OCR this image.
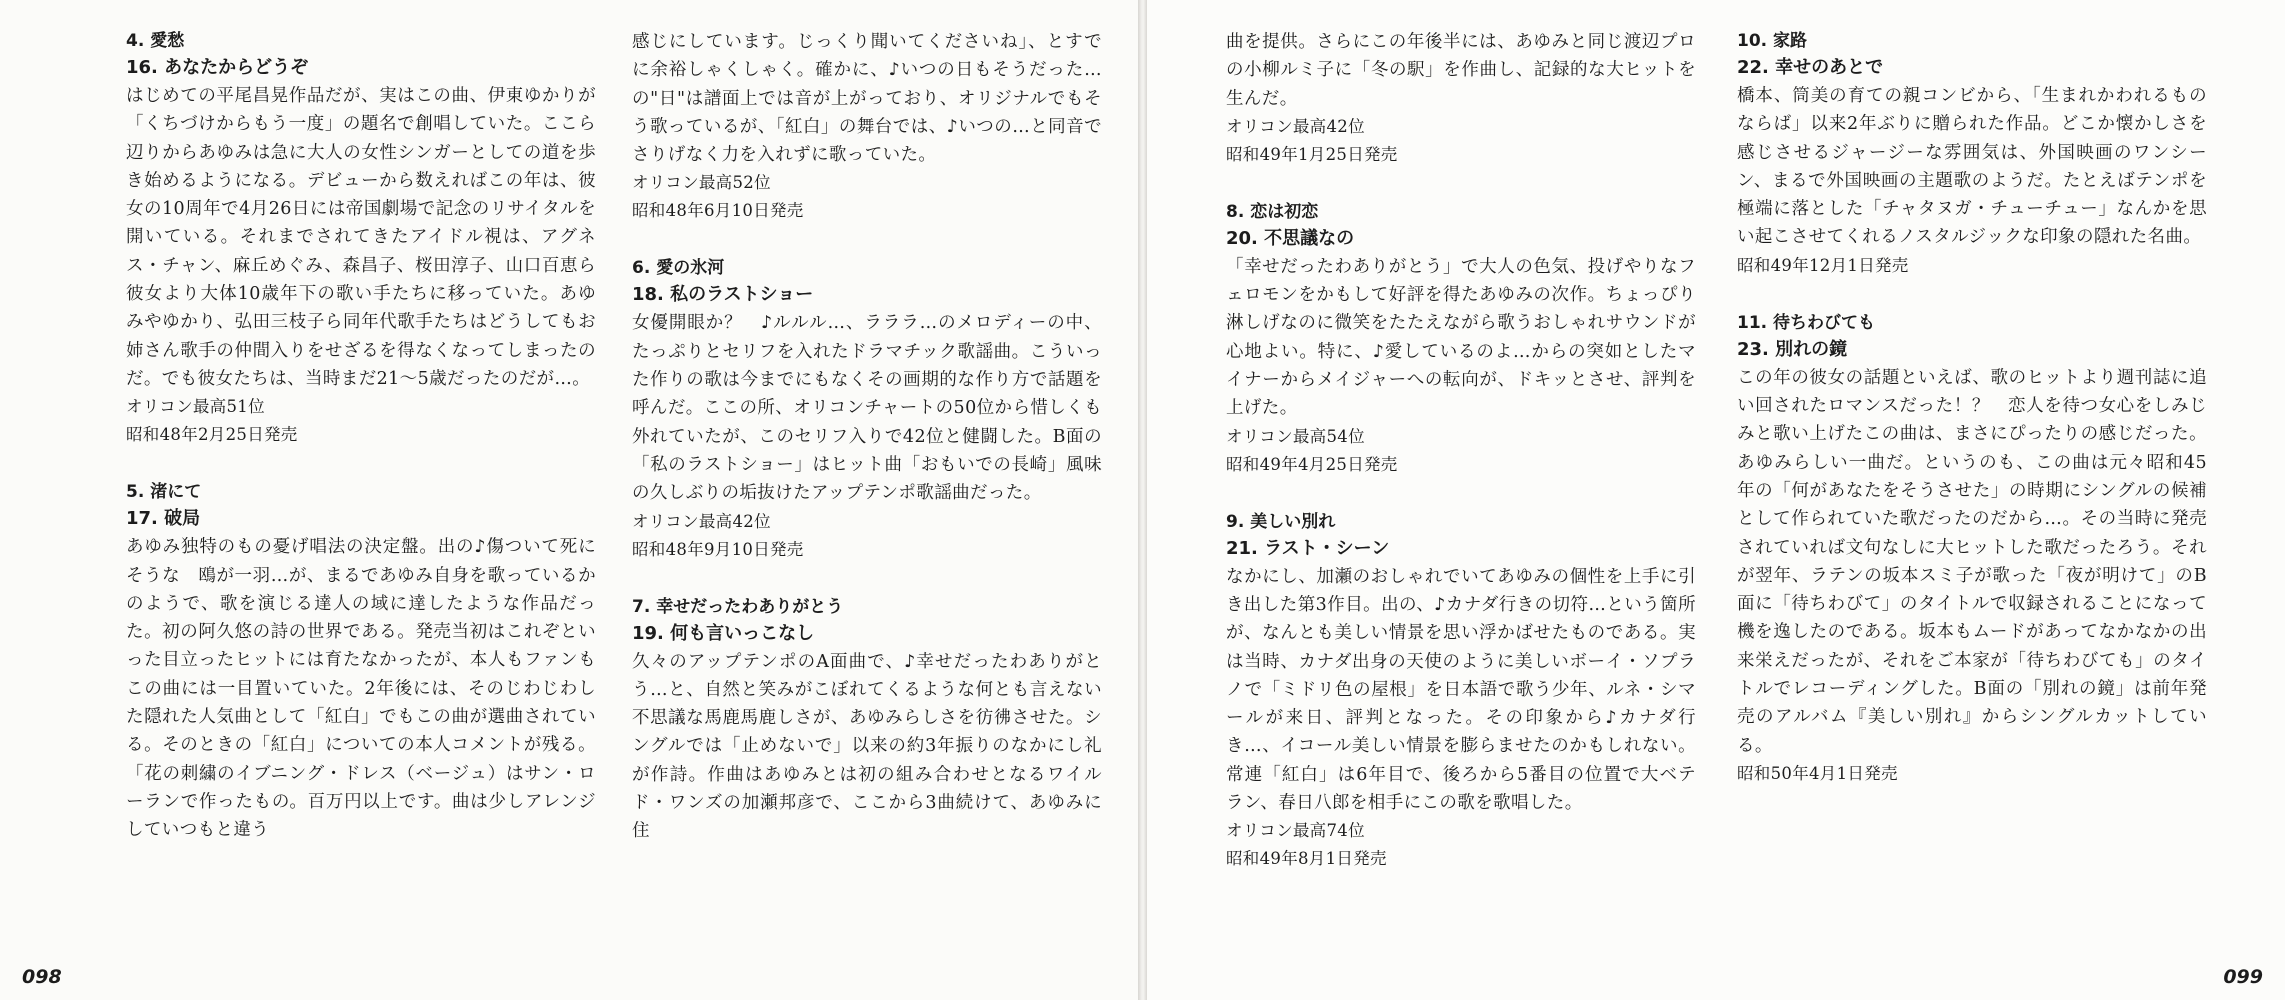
4. 愛愁

16. あなたからどうぞ

はじめての平尾昌晃作品だが、実はこの曲、伊東ゆかりが「くちづけからもう一度」の題名で創唱していた。ここら辺りからあゆみは急に大人の女性シンガーとしての道を歩き始めるようになる。デビューから数えればこの年は、彼女の10周年で4月26日には帝国劇場で記念のリサイタルを開いている。それまでされてきたアイドル視は、アグネス・チャン、麻丘めぐみ、森昌子、桜田淳子、山口百恵ら彼女より大体10歳年下の歌い手たちに移っていた。あゆみやゆかり、弘田三枝子ら同年代歌手たちはどうしてもお姉さん歌手の仲間入りをせざるを得なくなってしまったのだ。でも彼女たちは、当時まだ21〜5歳だったのだが…。

オリコン最高51位

昭和48年2月25日発売

5. 渚にて

17. 破局

あゆみ独特のもの憂げ唱法の決定盤。出の♪傷ついて死にそうな　鴎が一羽…が、まるであゆみ自身を歌っているかのようで、歌を演じる達人の域に達したような作品だった。初の阿久悠の詩の世界である。発売当初はこれぞといった目立ったヒットには育たなかったが、本人もファンもこの曲には一目置いていた。2年後には、そのじわじわした隠れた人気曲として「紅白」でもこの曲が選曲されている。そのときの「紅白」についての本人コメントが残る。「花の刺繍のイブニング・ドレス（ベージュ）はサン・ローランで作ったもの。百万円以上です。曲は少しアレンジしていつもと違う

感じにしています。じっくり聞いてくださいね」、とすでに余裕しゃくしゃく。確かに、♪いつの日もそうだった…の"日"は譜面上では音が上がっており、オリジナルでもそう歌っているが、「紅白」の舞台では、♪いつの…と同音でさりげなく力を入れずに歌っていた。

オリコン最高52位

昭和48年6月10日発売

6. 愛の氷河

18. 私のラストショー

女優開眼か？　♪ルルル…、ラララ…のメロディーの中、たっぷりとセリフを入れたドラマチック歌謡曲。こういった作りの歌は今までにもなくその画期的な作り方で話題を呼んだ。ここの所、オリコンチャートの50位から惜しくも外れていたが、このセリフ入りで42位と健闘した。B面の「私のラストショー」はヒット曲「おもいでの長崎」風味の久しぶりの垢抜けたアップテンポ歌謡曲だった。

オリコン最高42位

昭和48年9月10日発売

7. 幸せだったわありがとう

19. 何も言いっこなし

久々のアップテンポのA面曲で、♪幸せだったわありがとう…と、自然と笑みがこぼれてくるような何とも言えない不思議な馬鹿馬鹿しさが、あゆみらしさを彷彿させた。シングルでは「止めないで」以来の約3年振りのなかにし礼が作詩。作曲はあゆみとは初の組み合わせとなるワイルド・ワンズの加瀬邦彦で、ここから3曲続けて、あゆみに住

098

曲を提供。さらにこの年後半には、あゆみと同じ渡辺プロの小柳ルミ子に「冬の駅」を作曲し、記録的な大ヒットを生んだ。

オリコン最高42位

昭和49年1月25日発売

8. 恋は初恋

20. 不思議なの

「幸せだったわありがとう」で大人の色気、投げやりなフェロモンをかもして好評を得たあゆみの次作。ちょっぴり淋しげなのに微笑をたたえながら歌うおしゃれサウンドが心地よい。特に、♪愛しているのよ…からの突如としたマイナーからメイジャーへの転向が、ドキッとさせ、評判を上げた。

オリコン最高54位

昭和49年4月25日発売

9. 美しい別れ

21. ラスト・シーン

なかにし、加瀬のおしゃれでいてあゆみの個性を上手に引き出した第3作目。出の、♪カナダ行きの切符…という箇所が、なんとも美しい情景を思い浮かばせたものである。実は当時、カナダ出身の天使のように美しいボーイ・ソプラノで「ミドリ色の屋根」を日本語で歌う少年、ルネ・シマールが来日、評判となった。その印象から♪カナダ行き…、イコール美しい情景を膨らませたのかもしれない。常連「紅白」は6年目で、後ろから5番目の位置で大ベテラン、春日八郎を相手にこの歌を歌唱した。

オリコン最高74位

昭和49年8月1日発売

10. 家路

22. 幸せのあとで

橋本、筒美の育ての親コンビから、「生まれかわれるものならば」以来2年ぶりに贈られた作品。どこか懐かしさを感じさせるジャージーな雰囲気は、外国映画のワンシーン、まるで外国映画の主題歌のようだ。たとえばテンポを極端に落とした「チャタヌガ・チューチュー」なんかを思い起こさせてくれるノスタルジックな印象の隠れた名曲。

昭和49年12月1日発売

11. 待ちわびても

23. 別れの鏡

この年の彼女の話題といえば、歌のヒットより週刊誌に追い回されたロマンスだった！？　恋人を待つ女心をしみじみと歌い上げたこの曲は、まさにぴったりの感じだった。あゆみらしい一曲だ。というのも、この曲は元々昭和45年の「何があなたをそうさせた」の時期にシングルの候補として作られていた歌だったのだから…。その当時に発売されていれば文句なしに大ヒットした歌だったろう。それが翌年、ラテンの坂本スミ子が歌った「夜が明けて」のB面に「待ちわびて」のタイトルで収録されることになって機を逸したのである。坂本もムードがあってなかなかの出来栄えだったが、それをご本家が「待ちわびても」のタイトルでレコーディングした。B面の「別れの鏡」は前年発売のアルバム『美しい別れ』からシングルカットしている。

昭和50年4月1日発売

099
